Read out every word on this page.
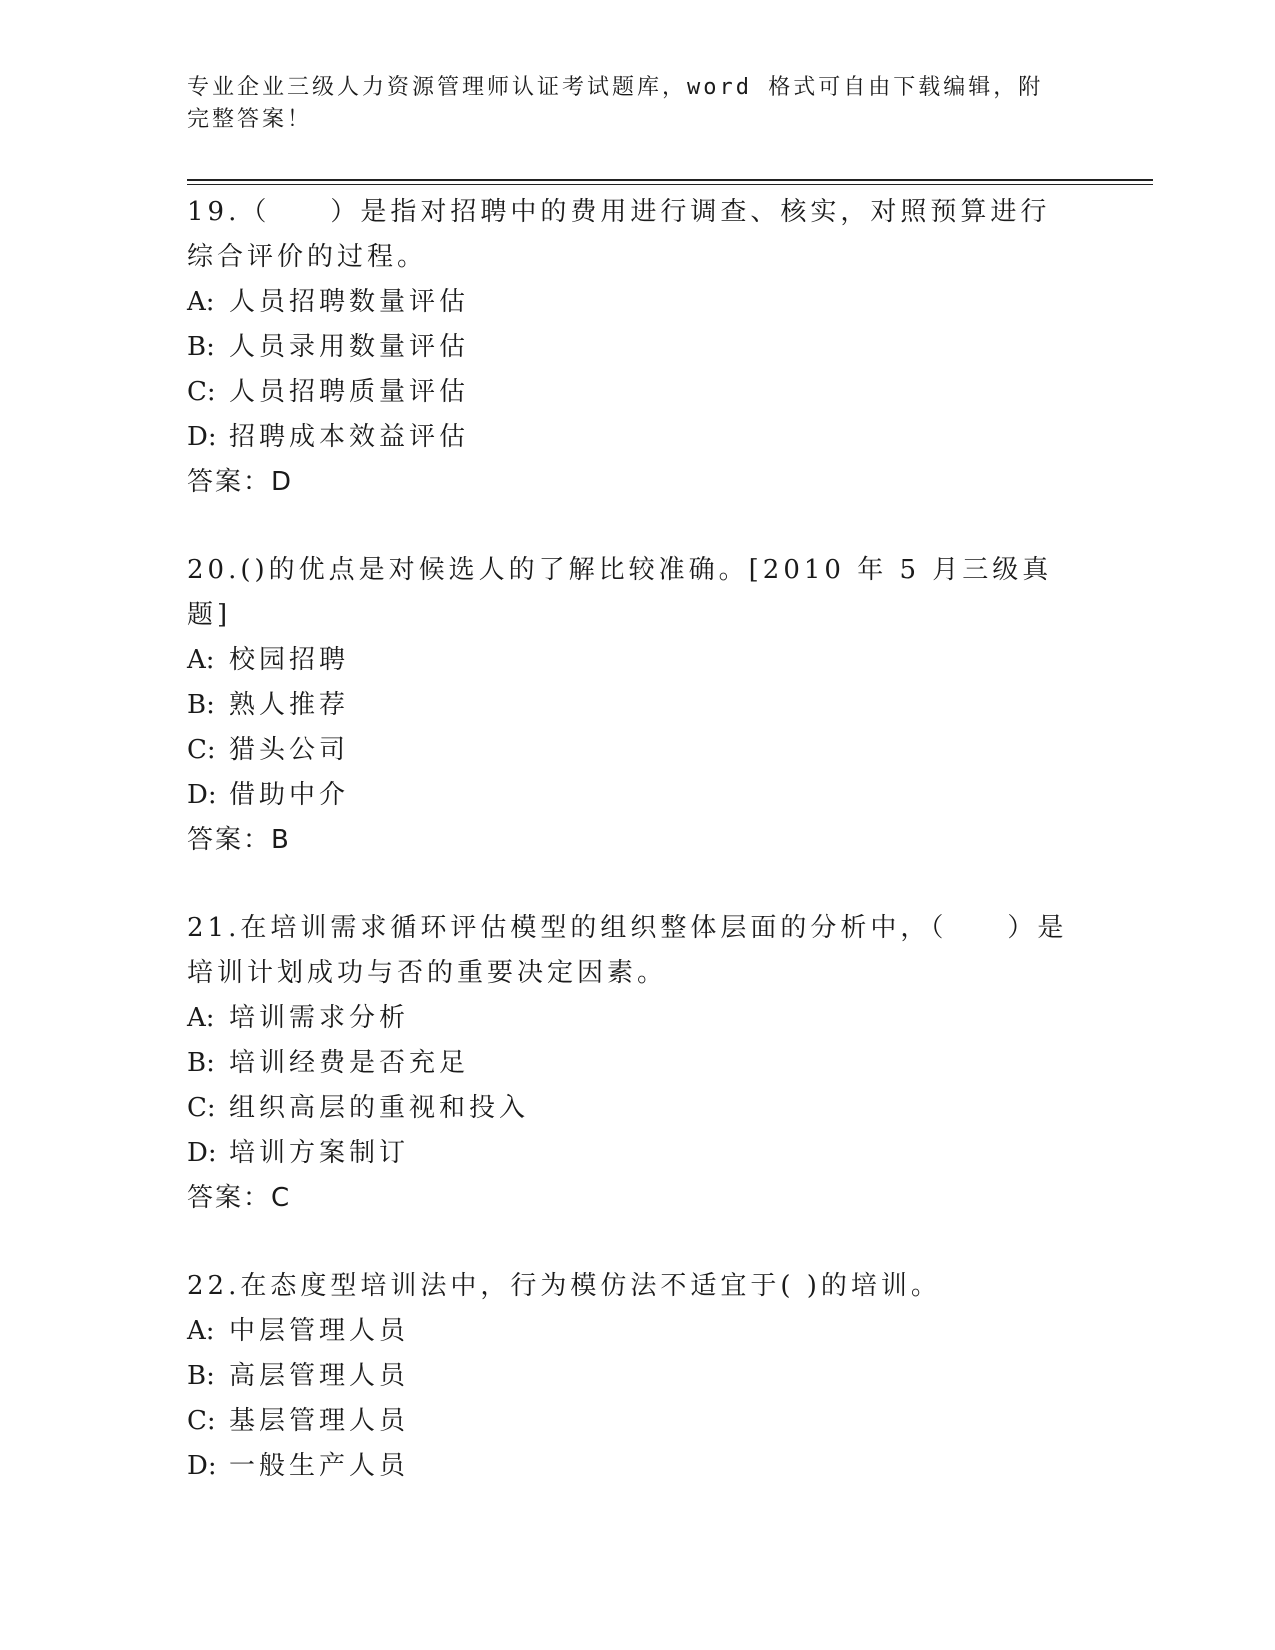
专业企业三级人力资源管理师认证考试题库，word 格式可自由下载编辑，附完整答案！
19.（　　）是指对招聘中的费用进行调查、核实，对照预算进行综合评价的过程。
A: 人员招聘数量评估
B: 人员录用数量评估
C: 人员招聘质量评估
D: 招聘成本效益评估
答案：D
20.()的优点是对候选人的了解比较准确。[2010 年 5 月三级真题]
A: 校园招聘
B: 熟人推荐
C: 猎头公司
D: 借助中介
答案：B
21.在培训需求循环评估模型的组织整体层面的分析中，（　　）是培训计划成功与否的重要决定因素。
A: 培训需求分析
B: 培训经费是否充足
C: 组织高层的重视和投入
D: 培训方案制订
答案：C
22.在态度型培训法中，行为模仿法不适宜于( )的培训。
A: 中层管理人员
B: 高层管理人员
C: 基层管理人员
D: 一般生产人员
